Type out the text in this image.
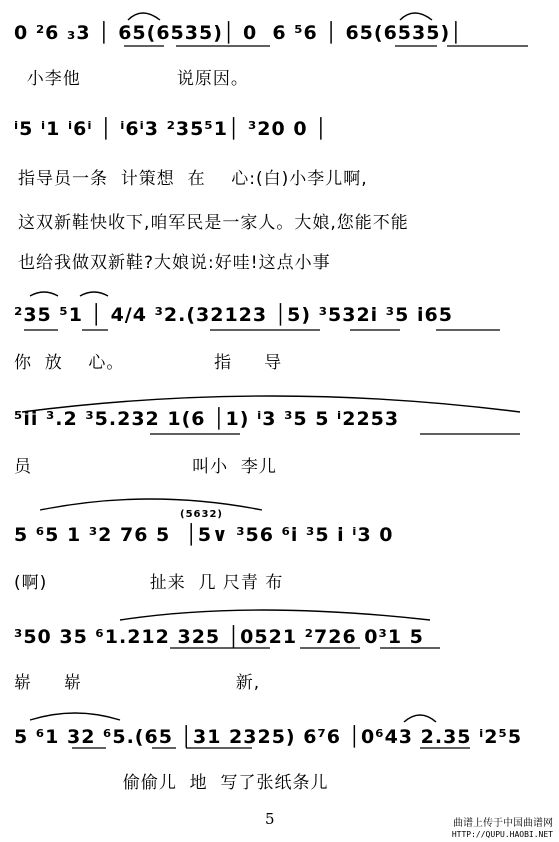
0 ²6 ₃3 │ 65(6535)│ 0  6 ⁵6 │ 65(6535)│
小李他               说原因。
ⁱ5 ⁱ1 ⁱ6ⁱ │ ⁱ6ⁱ3 ²35⁵1│ ³20 0 │
指导员一条  计策想  在    心:(白)小李儿啊,
这双新鞋快收下,咱军民是一家人。大娘,您能不能
也给我做双新鞋?大娘说:好哇!这点小事
²35 ⁵1 │ 4/4 ³2.(32123 │5) ³532i ³5 i65
你  放    心。              指     导
⁵ii ³.2 ³5.232 1(6 │1) ⁱ3 ³5 5 ⁱ2253
员                         叫小  李儿
(5632)
5 ⁶5 1 ³2 76 5  │5∨ ³56 ⁶i ³5 i ⁱ3 0
(啊)                扯来  几 尺青 布
³50 35 ⁶1.212 325 │0521 ²726 0³1 5
崭     崭                        新,
5 ⁶1 32 ⁶5.(65 │31 2325) 6⁷6 │0⁶43 2.35 ⁱ2⁵5
偷偷儿  地  写了张纸条儿
5	曲谱上传于中国曲谱网
HTTP://QUPU.HAOBI.NET
